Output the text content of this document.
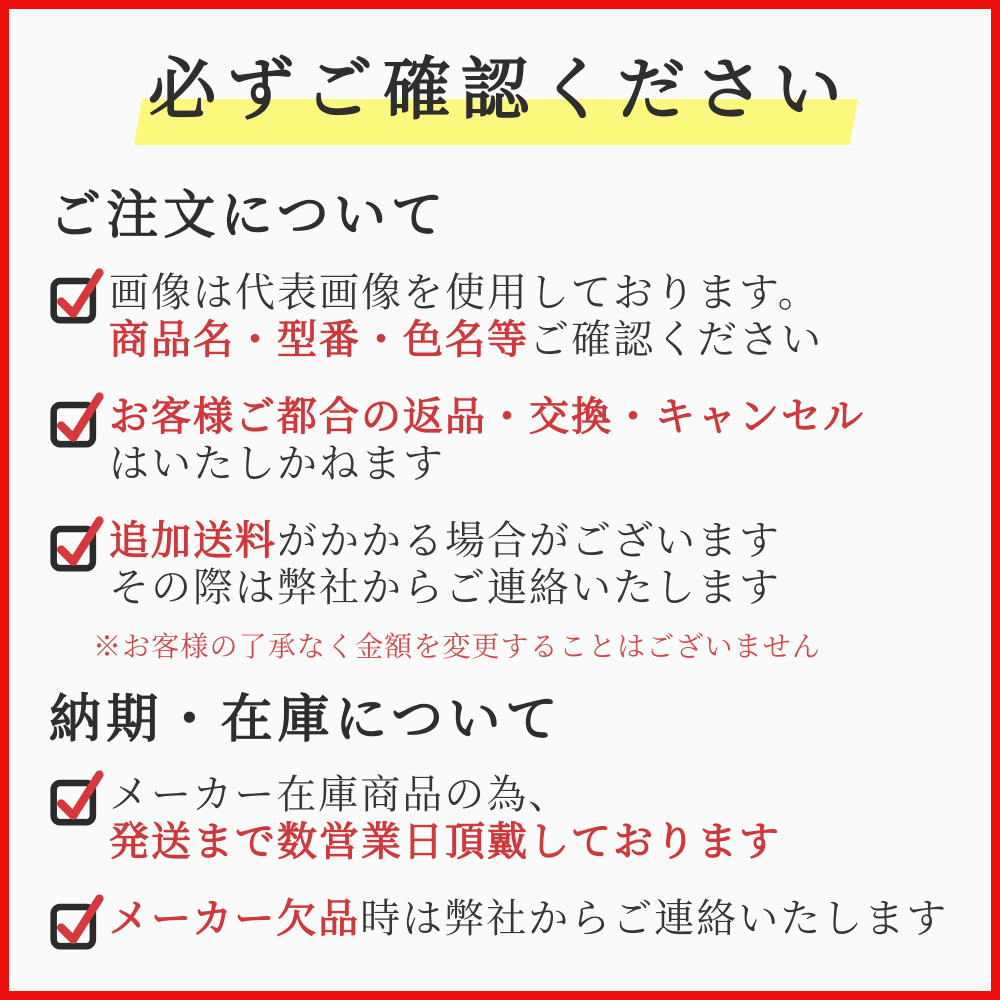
必ずご確認ください
ご注文について

画像は代表画像を使用しております。

商品名・型番・色名等ご確認ください

お客様ご都合の返品・交換・キャンセル

はいたしかねます

追加送料がかかる場合がございます

その際は弊社からご連絡いたします

※お客様の了承なく金額を変更することはございません

納期・在庫について

メーカー在庫商品の為、

発送まで数営業日頂戴しております

メーカー欠品時は弊社からご連絡いたします
